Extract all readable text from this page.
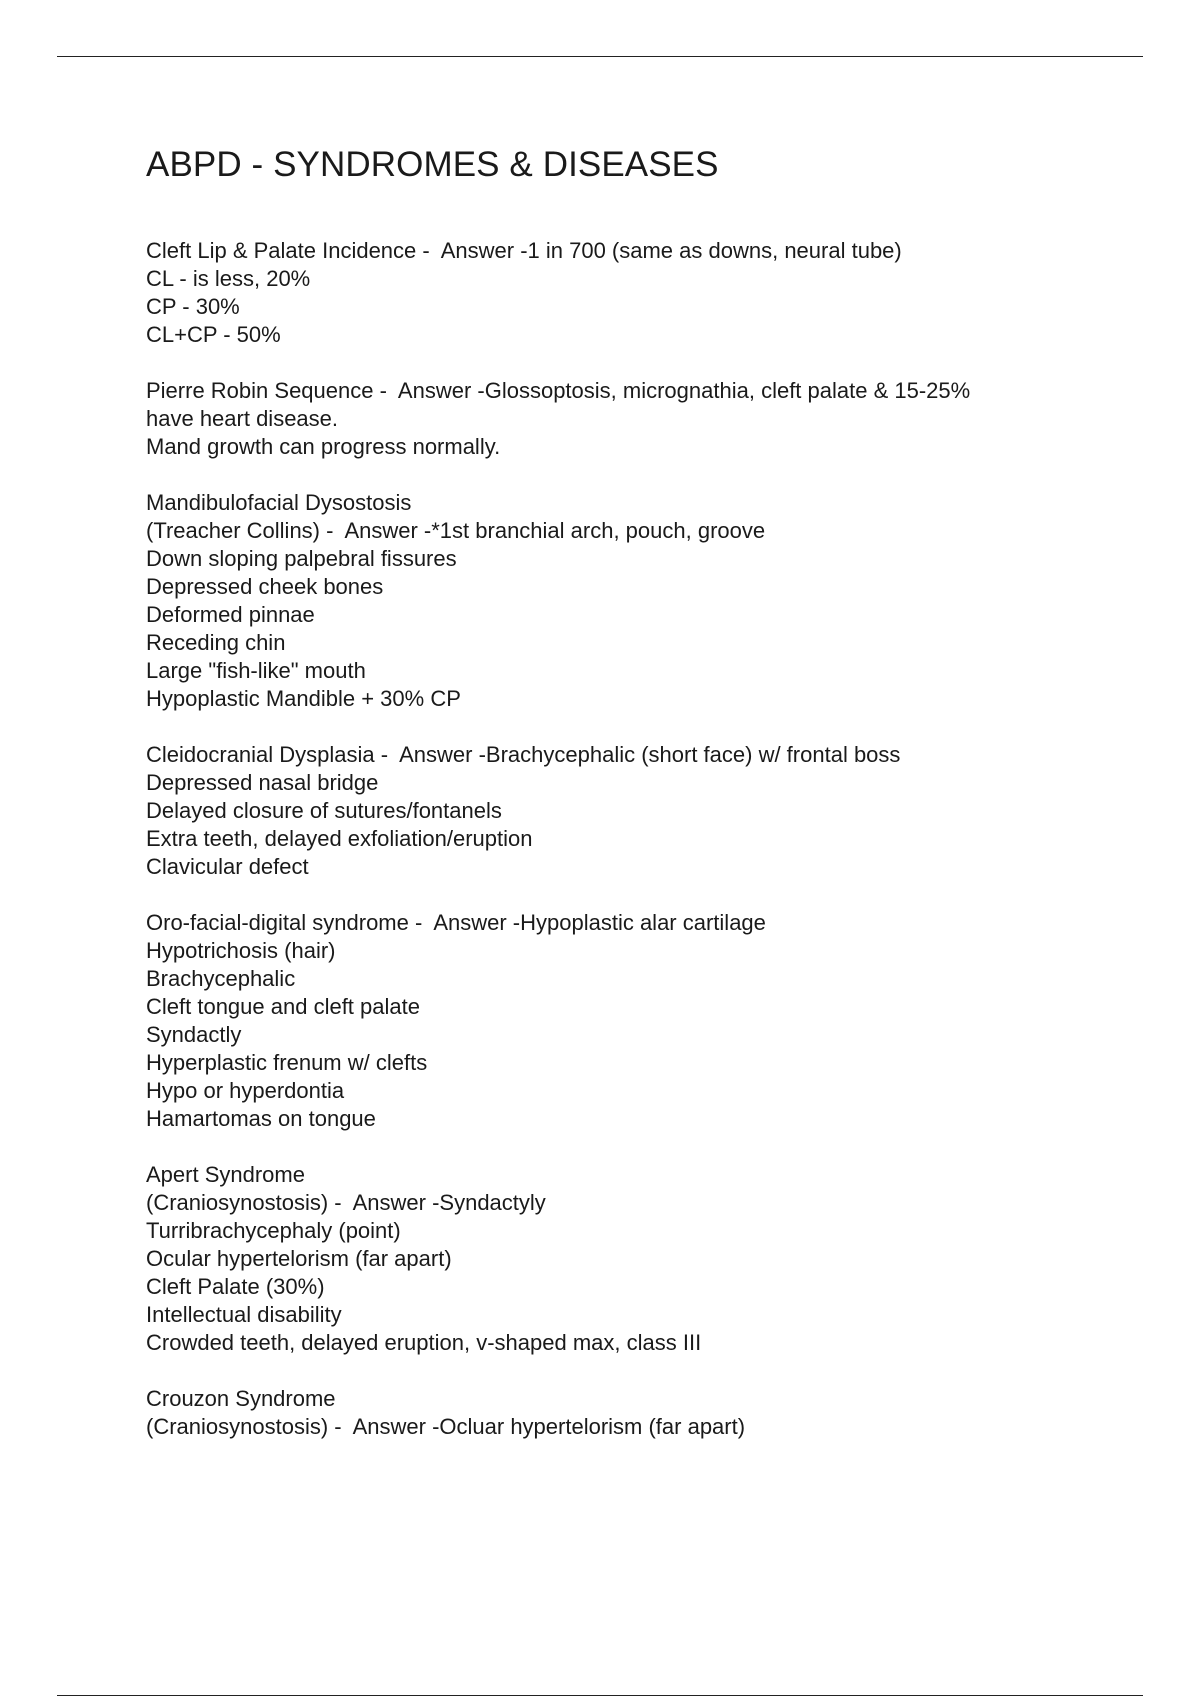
ABPD - SYNDROMES & DISEASES
Cleft Lip & Palate Incidence -  Answer -1 in 700 (same as downs, neural tube)
CL - is less, 20%
CP - 30%
CL+CP - 50%
Pierre Robin Sequence -  Answer -Glossoptosis, micrognathia, cleft palate & 15-25%
have heart disease.
Mand growth can progress normally.
Mandibulofacial Dysostosis
(Treacher Collins) -  Answer -*1st branchial arch, pouch, groove
Down sloping palpebral fissures
Depressed cheek bones
Deformed pinnae
Receding chin
Large "fish-like" mouth
Hypoplastic Mandible + 30% CP
Cleidocranial Dysplasia -  Answer -Brachycephalic (short face) w/ frontal boss
Depressed nasal bridge
Delayed closure of sutures/fontanels
Extra teeth, delayed exfoliation/eruption
Clavicular defect
Oro-facial-digital syndrome -  Answer -Hypoplastic alar cartilage
Hypotrichosis (hair)
Brachycephalic
Cleft tongue and cleft palate
Syndactly
Hyperplastic frenum w/ clefts
Hypo or hyperdontia
Hamartomas on tongue
Apert Syndrome
(Craniosynostosis) -  Answer -Syndactyly
Turribrachycephaly (point)
Ocular hypertelorism (far apart)
Cleft Palate (30%)
Intellectual disability
Crowded teeth, delayed eruption, v-shaped max, class III
Crouzon Syndrome
(Craniosynostosis) -  Answer -Ocluar hypertelorism (far apart)
